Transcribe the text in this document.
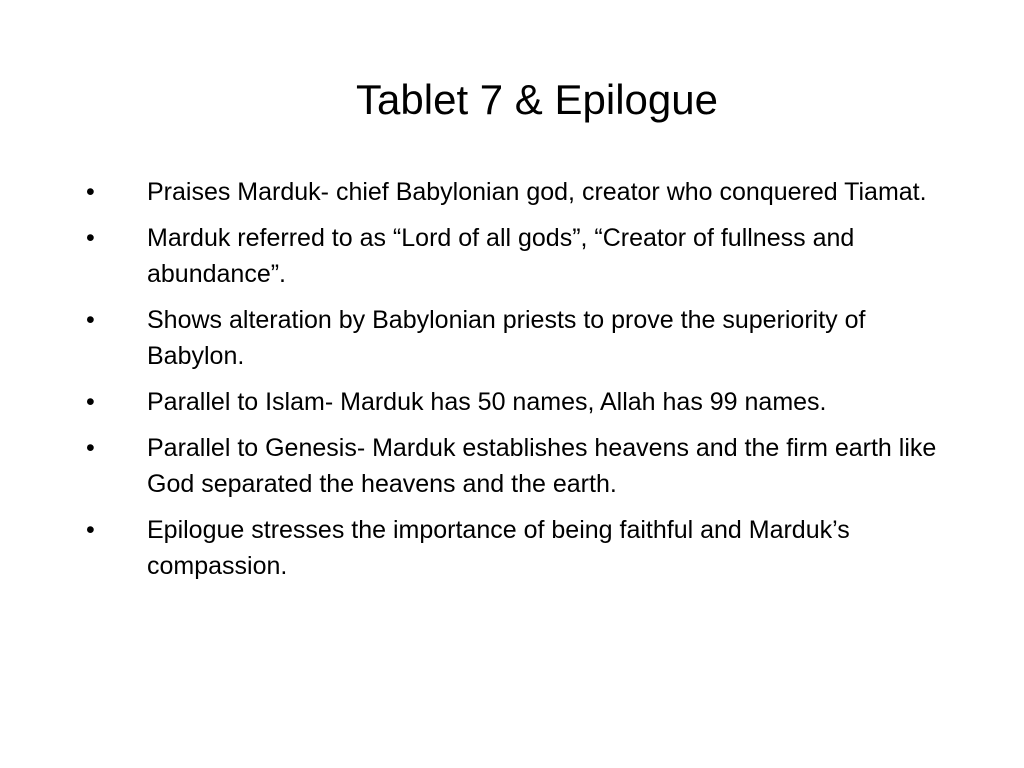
Tablet 7 & Epilogue
•	Praises Marduk- chief Babylonian god, creator who conquered Tiamat.
•	Marduk referred to as “Lord of all gods”, “Creator of fullness and abundance”.
•	Shows alteration by Babylonian priests to prove the superiority of Babylon.
•	Parallel to Islam- Marduk has 50 names, Allah has 99 names.
•	Parallel to Genesis- Marduk establishes heavens and the firm earth like God separated the heavens and the earth.
•	Epilogue stresses the importance of being faithful and Marduk’s compassion.
